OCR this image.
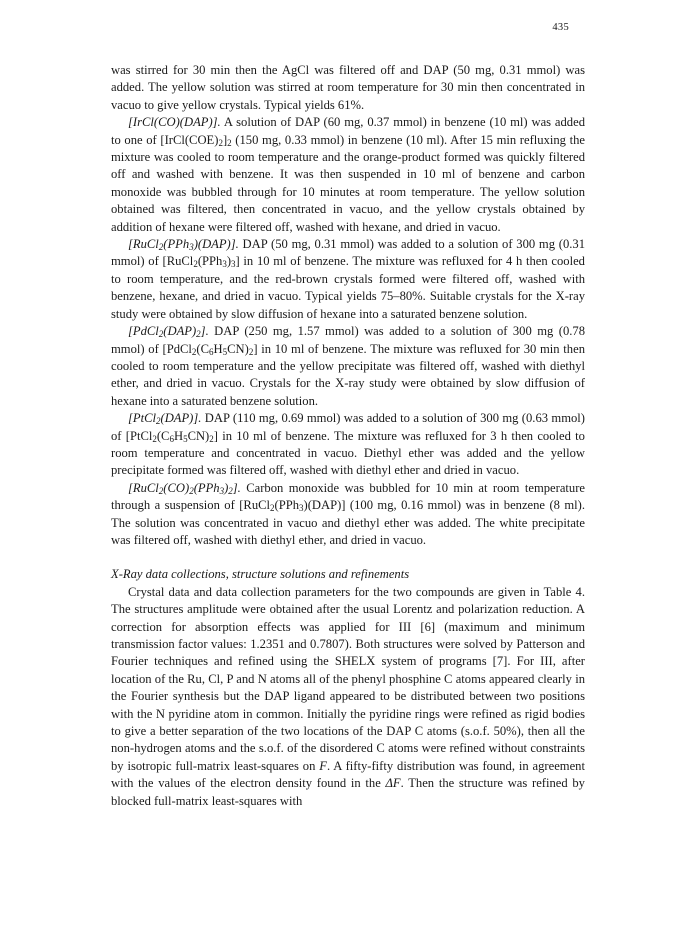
435

was stirred for 30 min then the AgCl was filtered off and DAP (50 mg, 0.31 mmol) was added. The yellow solution was stirred at room temperature for 30 min then concentrated in vacuo to give yellow crystals. Typical yields 61%.

[IrCl(CO)(DAP)]. A solution of DAP (60 mg, 0.37 mmol) in benzene (10 ml) was added to one of $[IrCl(COE)_2]_2$ (150 mg, 0.33 mmol) in benzene (10 ml). After 15 min refluxing the mixture was cooled to room temperature and the orange-product formed was quickly filtered off and washed with benzene. It was then suspended in 10 ml of benzene and carbon monoxide was bubbled through for 10 minutes at room temperature. The yellow solution obtained was filtered, then concentrated in vacuo, and the yellow crystals obtained by addition of hexane were filtered off, washed with hexane, and dried in vacuo.

[RuCl$_2$(PPh$_3$)(DAP)]. DAP (50 mg, 0.31 mmol) was added to a solution of 300 mg (0.31 mmol) of $[RuCl_2(PPh_3)_3]$ in 10 ml of benzene. The mixture was refluxed for 4 h then cooled to room temperature, and the red-brown crystals formed were filtered off, washed with benzene, hexane, and dried in vacuo. Typical yields 75–80%. Suitable crystals for the X-ray study were obtained by slow diffusion of hexane into a saturated benzene solution.

$[PdCl_2(DAP)_2]$. DAP (250 mg, 1.57 mmol) was added to a solution of 300 mg (0.78 mmol) of $[PdCl_2(C_6H_5CN)_2]$ in 10 ml of benzene. The mixture was refluxed for 30 min then cooled to room temperature and the yellow precipitate was filtered off, washed with diethyl ether, and dried in vacuo. Crystals for the X-ray study were obtained by slow diffusion of hexane into a saturated benzene solution.

[PtCl$_2$(DAP)]. DAP (110 mg, 0.69 mmol) was added to a solution of 300 mg (0.63 mmol) of $[PtCl_2(C_6H_5CN)_2]$ in 10 ml of benzene. The mixture was refluxed for 3 h then cooled to room temperature and concentrated in vacuo. Diethyl ether was added and the yellow precipitate formed was filtered off, washed with diethyl ether and dried in vacuo.

$[RuCl_2(CO)_2(PPh_3)_2]$. Carbon monoxide was bubbled for 10 min at room temperature through a suspension of [RuCl$_2$(PPh$_3$)(DAP)] (100 mg, 0.16 mmol) was in benzene (8 ml). The solution was concentrated in vacuo and diethyl ether was added. The white precipitate was filtered off, washed with diethyl ether, and dried in vacuo.

X-Ray data collections, structure solutions and refinements

Crystal data and data collection parameters for the two compounds are given in Table 4. The structures amplitude were obtained after the usual Lorentz and polarization reduction. A correction for absorption effects was applied for III [6] (maximum and minimum transmission factor values: 1.2351 and 0.7807). Both structures were solved by Patterson and Fourier techniques and refined using the SHELX system of programs [7]. For III, after location of the Ru, Cl, P and N atoms all of the phenyl phosphine C atoms appeared clearly in the Fourier synthesis but the DAP ligand appeared to be distributed between two positions with the N pyridine atom in common. Initially the pyridine rings were refined as rigid bodies to give a better separation of the two locations of the DAP C atoms (s.o.f. 50%), then all the non-hydrogen atoms and the s.o.f. of the disordered C atoms were refined without constraints by isotropic full-matrix least-squares on F. A fifty-fifty distribution was found, in agreement with the values of the electron density found in the ΔF. Then the structure was refined by blocked full-matrix least-squares with
